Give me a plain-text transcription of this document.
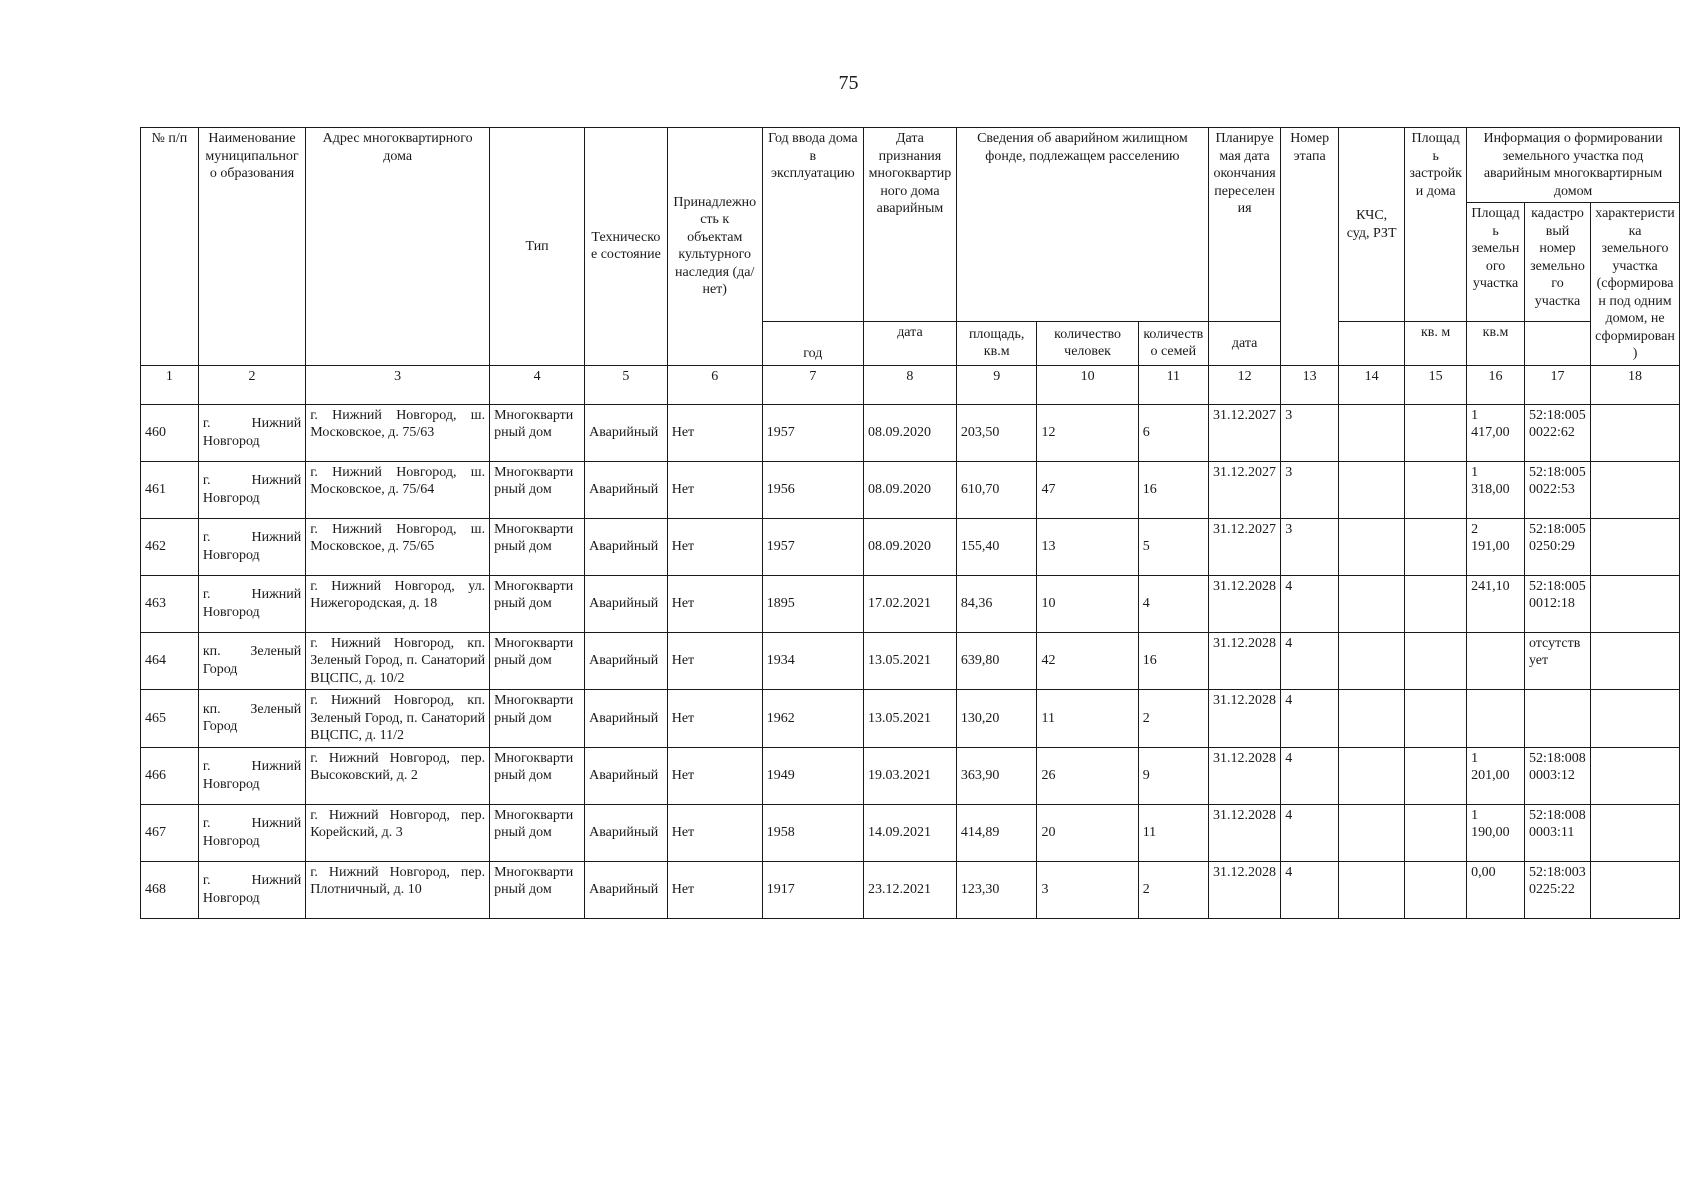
75
№ п/п	Наименование муниципального образования	Адрес многоквартирного дома	Тип	Техническое состояние	Принадлежность к объектам культурного наследия (да/нет)	Год ввода дома в эксплуатацию	Дата признания многоквартирного дома аварийным	Сведения об аварийном жилищном фонде, подлежащем расселению			Планируемая дата окончания переселения	Номер этапа	КЧС, суд, РЗТ	Площадь застройки дома	Информация о формировании земельного участка под аварийным многоквартирным домом		
															Площадь земельного участка	кадастровый номер земельного участка	характеристика земельного участка (сформирован под одним домом, не сформирован)
						год	дата	площадь, кв.м	количество человек	количество семей	дата			кв. м	кв.м		
1	2	3	4	5	6	7	8	9	10	11	12	13	14	15	16	17	18
460	г. Нижний Новгород	г. Нижний Новгород, ш. Московское, д. 75/63	Многоквартирный дом	Аварийный	Нет	1957	08.09.2020	203,50	12	6	31.12.2027	3			1 417,00	52:18:0050022:62	
461	г. Нижний Новгород	г. Нижний Новгород, ш. Московское, д. 75/64	Многоквартирный дом	Аварийный	Нет	1956	08.09.2020	610,70	47	16	31.12.2027	3			1 318,00	52:18:0050022:53	
462	г. Нижний Новгород	г. Нижний Новгород, ш. Московское, д. 75/65	Многоквартирный дом	Аварийный	Нет	1957	08.09.2020	155,40	13	5	31.12.2027	3			2 191,00	52:18:0050250:29	
463	г. Нижний Новгород	г. Нижний Новгород, ул. Нижегородская, д. 18	Многоквартирный дом	Аварийный	Нет	1895	17.02.2021	84,36	10	4	31.12.2028	4			241,10	52:18:0050012:18	
464	кп. Зеленый Город	г. Нижний Новгород, кп. Зеленый Город, п. Санаторий ВЦСПС, д. 10/2	Многоквартирный дом	Аварийный	Нет	1934	13.05.2021	639,80	42	16	31.12.2028	4				отсутствует	
465	кп. Зеленый Город	г. Нижний Новгород, кп. Зеленый Город, п. Санаторий ВЦСПС, д. 11/2	Многоквартирный дом	Аварийный	Нет	1962	13.05.2021	130,20	11	2	31.12.2028	4					
466	г. Нижний Новгород	г. Нижний Новгород, пер. Высоковский, д. 2	Многоквартирный дом	Аварийный	Нет	1949	19.03.2021	363,90	26	9	31.12.2028	4			1 201,00	52:18:0080003:12	
467	г. Нижний Новгород	г. Нижний Новгород, пер. Корейский, д. 3	Многоквартирный дом	Аварийный	Нет	1958	14.09.2021	414,89	20	11	31.12.2028	4			1 190,00	52:18:0080003:11	
468	г. Нижний Новгород	г. Нижний Новгород, пер. Плотничный, д. 10	Многоквартирный дом	Аварийный	Нет	1917	23.12.2021	123,30	3	2	31.12.2028	4			0,00	52:18:0030225:22	
